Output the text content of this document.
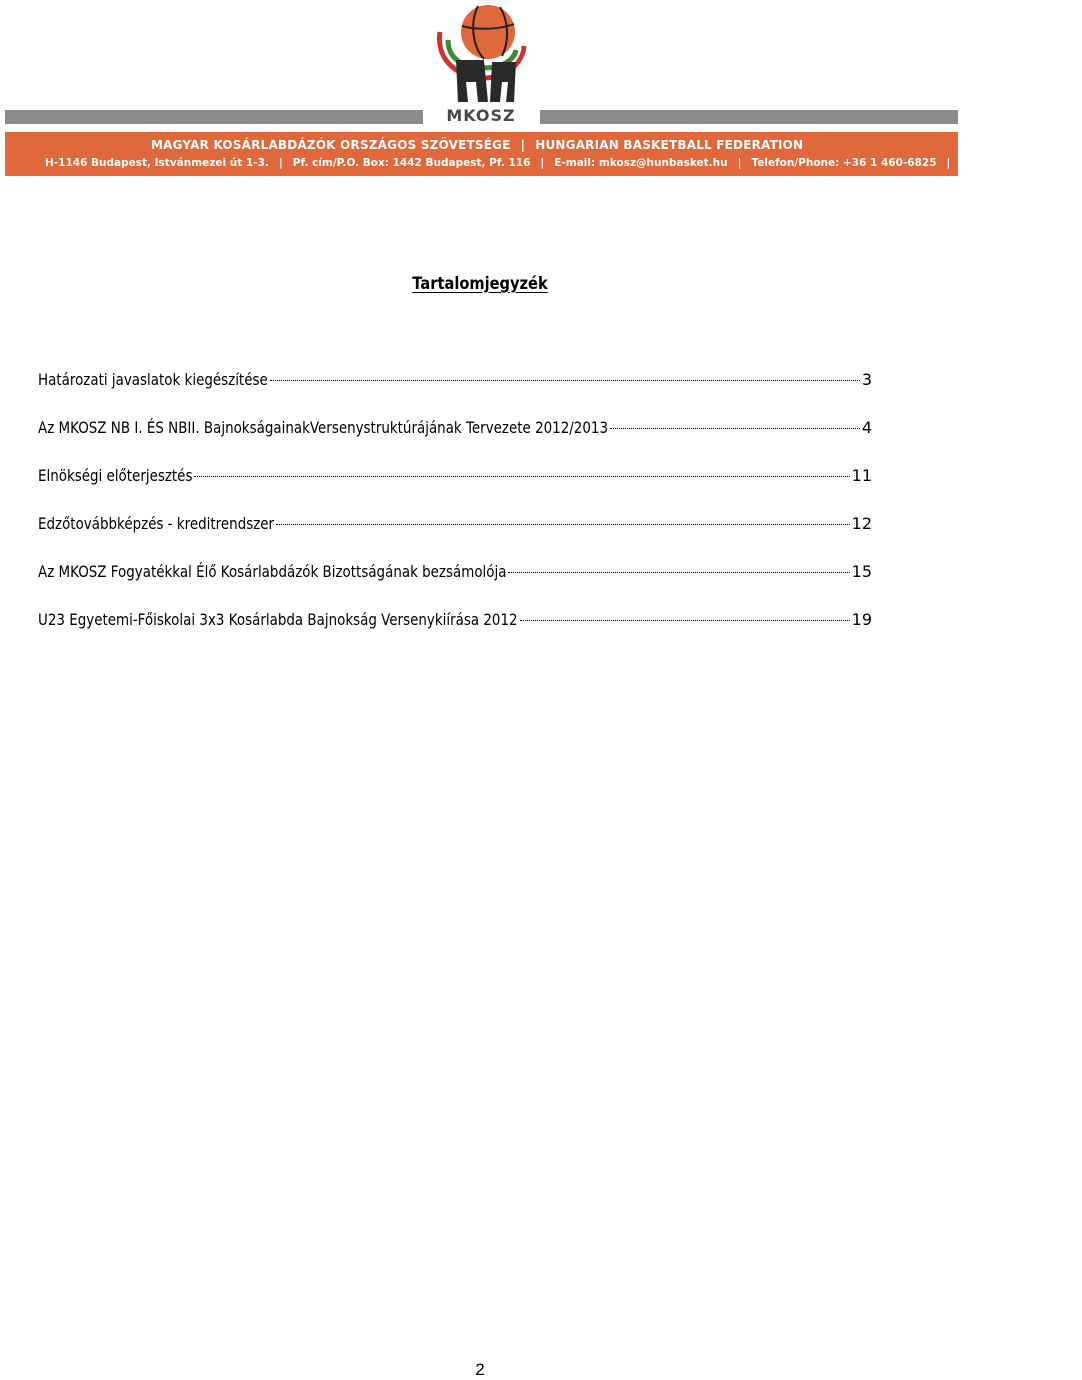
MKOSZ
MAGYAR KOSÁRLABDÁZÓK ORSZÁGOS SZÖVETSÉGE | HUNGARIAN BASKETBALL FEDERATION
H-1146 Budapest, Istvánmezei út 1-3. | Pf. cím/P.O. Box: 1442 Budapest, Pf. 116 | E-mail: mkosz@hunbasket.hu | Telefon/Phone: +36 1 460-6825 | Fax: +36 1 252-3296
Tartalomjegyzék
Határozati javaslatok kiegészítése	3
Az MKOSZ NB I. ÉS NBII. BajnokságainakVersenystruktúrájának Tervezete 2012/2013	4
Elnökségi előterjesztés	11
Edzőtovábbképzés - kreditrendszer	12
Az MKOSZ Fogyatékkal Élő Kosárlabdázók Bizottságának bezsámolója	15
U23 Egyetemi-Főiskolai 3x3 Kosárlabda Bajnokság Versenykiírása 2012	19
2
